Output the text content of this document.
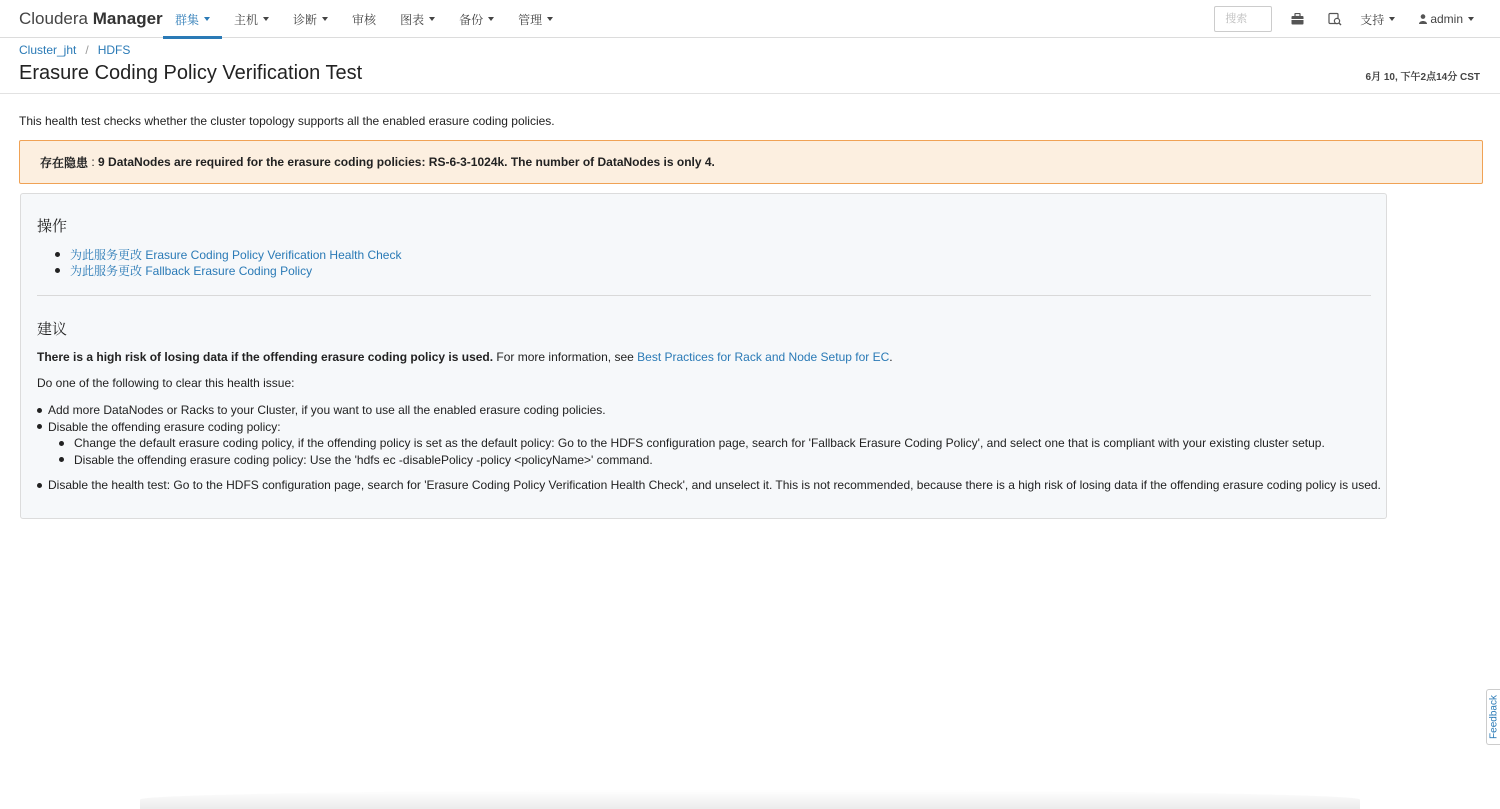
Cloudera Manager 群集	主机	诊断	审核 图表	备份	管理
搜索	支持	admin
Cluster_jht / HDFS
Erasure Coding Policy Verification Test	6月 10, 下午2点14分 CST

This health test checks whether the cluster topology supports all the enabled erasure coding policies.

存在隐患 : 9 DataNodes are required for the erasure coding policies: RS-6-3-1024k. The number of DataNodes is only 4.
操作
为此服务更改 Erasure Coding Policy Verification Health Check
为此服务更改 Fallback Erasure Coding Policy
建议

There is a high risk of losing data if the offending erasure coding policy is used. For more information, see Best Practices for Rack and Node Setup for EC.

Do one of the following to clear this health issue:

Add more DataNodes or Racks to your Cluster, if you want to use all the enabled erasure coding policies.
Disable the offending erasure coding policy:
Change the default erasure coding policy, if the offending policy is set as the default policy: Go to the HDFS configuration page, search for 'Fallback Erasure Coding Policy', and select one that is compliant with your existing cluster setup.
Disable the offending erasure coding policy: Use the 'hdfs ec -disablePolicy -policy <policyName>' command.
Disable the health test: Go to the HDFS configuration page, search for 'Erasure Coding Policy Verification Health Check', and unselect it. This is not recommended, because there is a high risk of losing data if the offending erasure coding policy is used.
Feedback
